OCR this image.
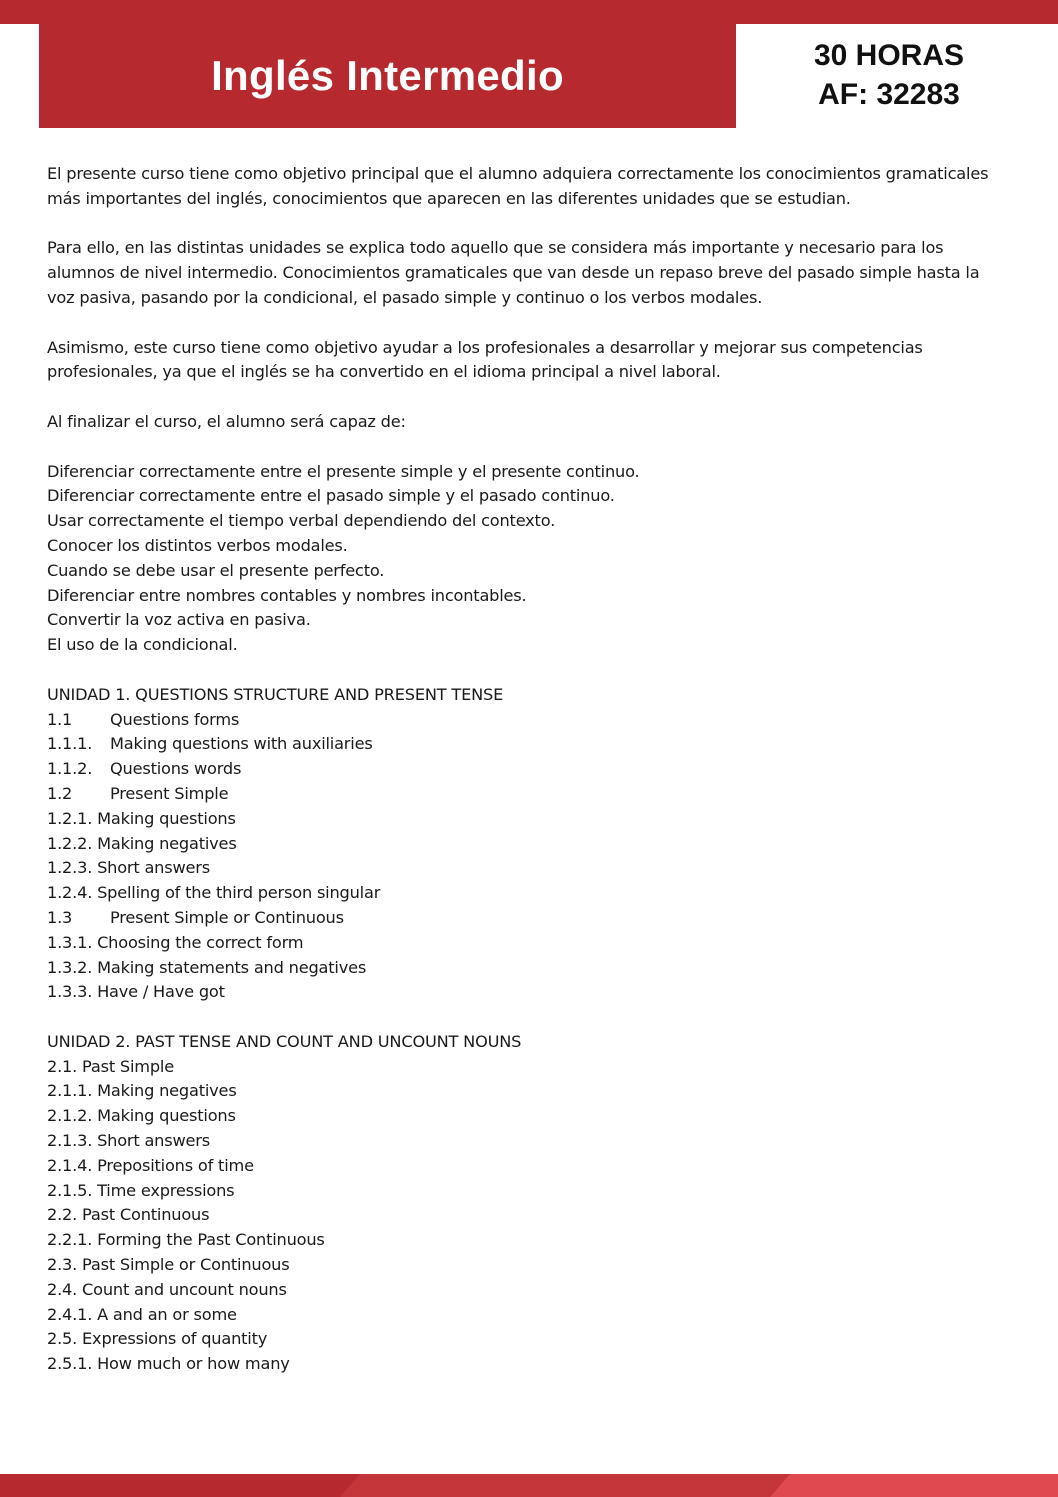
Inglés Intermedio	30 HORAS
AF: 32283

El presente curso tiene como objetivo principal que el alumno adquiera correctamente los conocimientos gramaticales más importantes del inglés, conocimientos que aparecen en las diferentes unidades que se estudian.

Para ello, en las distintas unidades se explica todo aquello que se considera más importante y necesario para los alumnos de nivel intermedio. Conocimientos gramaticales que van desde un repaso breve del pasado simple hasta la voz pasiva, pasando por la condicional, el pasado simple y continuo o los verbos modales.

Asimismo, este curso tiene como objetivo ayudar a los profesionales a desarrollar y mejorar sus competencias profesionales, ya que el inglés se ha convertido en el idioma principal a nivel laboral.

Al finalizar el curso, el alumno será capaz de:

Diferenciar correctamente entre el presente simple y el presente continuo.
Diferenciar correctamente entre el pasado simple y el pasado continuo.
Usar correctamente el tiempo verbal dependiendo del contexto.
Conocer los distintos verbos modales.
Cuando se debe usar el presente perfecto.
Diferenciar entre nombres contables y nombres incontables.
Convertir la voz activa en pasiva.
El uso de la condicional.
UNIDAD 1. QUESTIONS STRUCTURE AND PRESENT TENSE
1.1 Questions forms
1.1.1. Making questions with auxiliaries
1.1.2. Questions words
1.2 Present Simple
1.2.1. Making questions
1.2.2. Making negatives
1.2.3. Short answers
1.2.4. Spelling of the third person singular
1.3 Present Simple or Continuous
1.3.1. Choosing the correct form
1.3.2. Making statements and negatives
1.3.3. Have / Have got
UNIDAD 2. PAST TENSE AND COUNT AND UNCOUNT NOUNS
2.1. Past Simple
2.1.1. Making negatives
2.1.2. Making questions
2.1.3. Short answers
2.1.4. Prepositions of time
2.1.5. Time expressions
2.2. Past Continuous
2.2.1. Forming the Past Continuous
2.3. Past Simple or Continuous
2.4. Count and uncount nouns
2.4.1. A and an or some
2.5. Expressions of quantity
2.5.1. How much or how many
